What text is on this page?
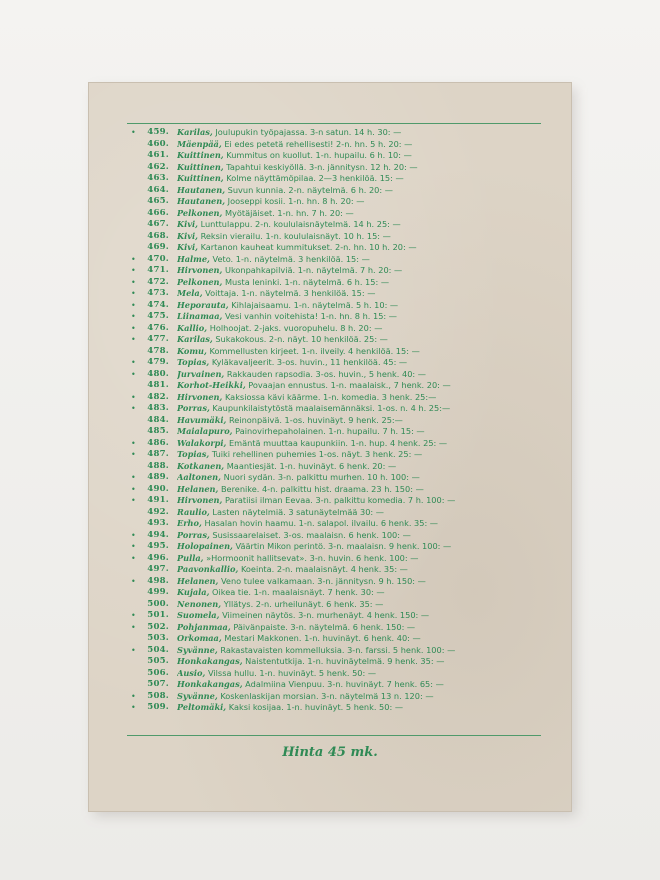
•	459. Karilas, Joulupukin työpajassa. 3-n satun. 14 h. 30: —
460. Mäenpää, Ei edes petetä rehellisesti! 2-n. hn. 5 h. 20: —
461. Kuittinen, Kummitus on kuollut. 1-n. hupailu. 6 h. 10: —
462. Kuittinen, Tapahtui keskiyöllä. 3-n. jännitysn. 12 h. 20: —
463. Kuittinen, Kolme näyttämöpilaa. 2—3 henkilöä. 15: —
464. Hautanen, Suvun kunnia. 2-n. näytelmä. 6 h. 20: —
465. Hautanen, Jooseppi kosii. 1-n. hn. 8 h. 20: —
466. Pelkonen, Myötäjäiset. 1-n. hn. 7 h. 20: —
467. Kivi, Lunttulappu. 2-n. koululaisnäytelmä. 14 h. 25: —
468. Kivi, Reksin vierailu. 1-n. koululaisnäyt. 10 h. 15: —
469. Kivi, Kartanon kauheat kummitukset. 2-n. hn. 10 h. 20: —
•	470. Halme, Veto. 1-n. näytelmä. 3 henkilöä. 15: —
•	471. Hirvonen, Ukonpahkapilviä. 1-n. näytelmä. 7 h. 20: —
•	472. Pelkonen, Musta leninki. 1-n. näytelmä. 6 h. 15: —
•	473. Mela, Voittaja. 1-n. näytelmä. 3 henkilöä. 15: —
•	474. Heporauta, Kihlajaisaamu. 1-n. näytelmä. 5 h. 10: —
•	475. Liinamaa, Vesi vanhin voitehista! 1-n. hn. 8 h. 15: —
•	476. Kallio, Holhoojat. 2-jaks. vuoropuhelu. 8 h. 20: —
•	477. Karilas, Sukakokous. 2-n. näyt. 10 henkilöä. 25: —
478. Komu, Kommellusten kirjeet. 1-n. ilveily. 4 henkilöä. 15: —
•	479. Topias, Kyläkavaljeerit. 3-os. huvin., 11 henkilöä. 45: —
•	480. Jurvainen, Rakkauden rapsodia. 3-os. huvin., 5 henk. 40: —
481. Korhot-Heikki, Povaajan ennustus. 1-n. maalaisk., 7 henk. 20: —
•	482. Hirvonen, Kaksiossa kävi käärme. 1-n. komedia. 3 henk. 25:—
•	483. Porras, Kaupunkilaistytöstä maalaisemännäksi. 1-os. n. 4 h. 25:—
484. Havumäki, Reinonpäivä. 1-os. huvinäyt. 9 henk. 25:—
485. Maialapuro, Painovirhepaholainen. 1-n. hupailu. 7 h. 15: —
•	486. Walakorpi, Emäntä muuttaa kaupunkiin. 1-n. hup. 4 henk. 25: —
•	487. Topias, Tuiki rehellinen puhemies 1-os. näyt. 3 henk. 25: —
488. Kotkanen, Maantiesjät. 1-n. huvinäyt. 6 henk. 20: —
•	489. Aaltonen, Nuori sydän. 3-n. palkittu murhen. 10 h. 100: —
•	490. Helanen, Berenike. 4-n. palkittu hist. draama. 23 h. 150: —
•	491. Hirvonen, Paratiisi ilman Eevaa. 3-n. palkittu komedia. 7 h. 100: —
492. Raulio, Lasten näytelmiä. 3 satunäytelmää 30: —
493. Erho, Hasalan hovin haamu. 1-n. salapol. ilvailu. 6 henk. 35: —
•	494. Porras, Susissaarelaiset. 3-os. maalaisn. 6 henk. 100: —
•	495. Holopainen, Väärtin Mikon perintö. 3-n. maalaisn. 9 henk. 100: —
•	496. Pulla, »Hormoonit hallitsevat». 3-n. huvin. 6 henk. 100: —
497. Paavonkallio, Koeinta. 2-n. maalaisnäyt. 4 henk. 35: —
•	498. Helanen, Veno tulee valkamaan. 3-n. jännitysn. 9 h. 150: —
499. Kujala, Oikea tie. 1-n. maalaisnäyt. 7 henk. 30: —
500. Nenonen, Yllätys. 2-n. urheilunäyt. 6 henk. 35: —
•	501. Suomela, Viimeinen näytös. 3-n. murhenäyt. 4 henk. 150: —
•	502. Pohjanmaa, Päivänpaiste. 3-n. näytelmä. 6 henk. 150: —
503. Orkomaa, Mestari Makkonen. 1-n. huvinäyt. 6 henk. 40: —
•	504. Syvänne, Rakastavaisten kommelluksia. 3-n. farssi. 5 henk. 100: —
505. Honkakangas, Naistentutkija. 1-n. huvinäytelmä. 9 henk. 35: —
506. Ausio, Vilssa hullu. 1-n. huvinäyt. 5 henk. 50: —
507. Honkakangas, Adalmiina Vienpuu. 3-n. huvinäyt. 7 henk. 65: —
•	508. Syvänne, Koskenlaskijan morsian. 3-n. näytelmä 13 n. 120: —
•	509. Peltomäki, Kaksi kosijaa. 1-n. huvinäyt. 5 henk. 50: —
Hinta 45 mk.
